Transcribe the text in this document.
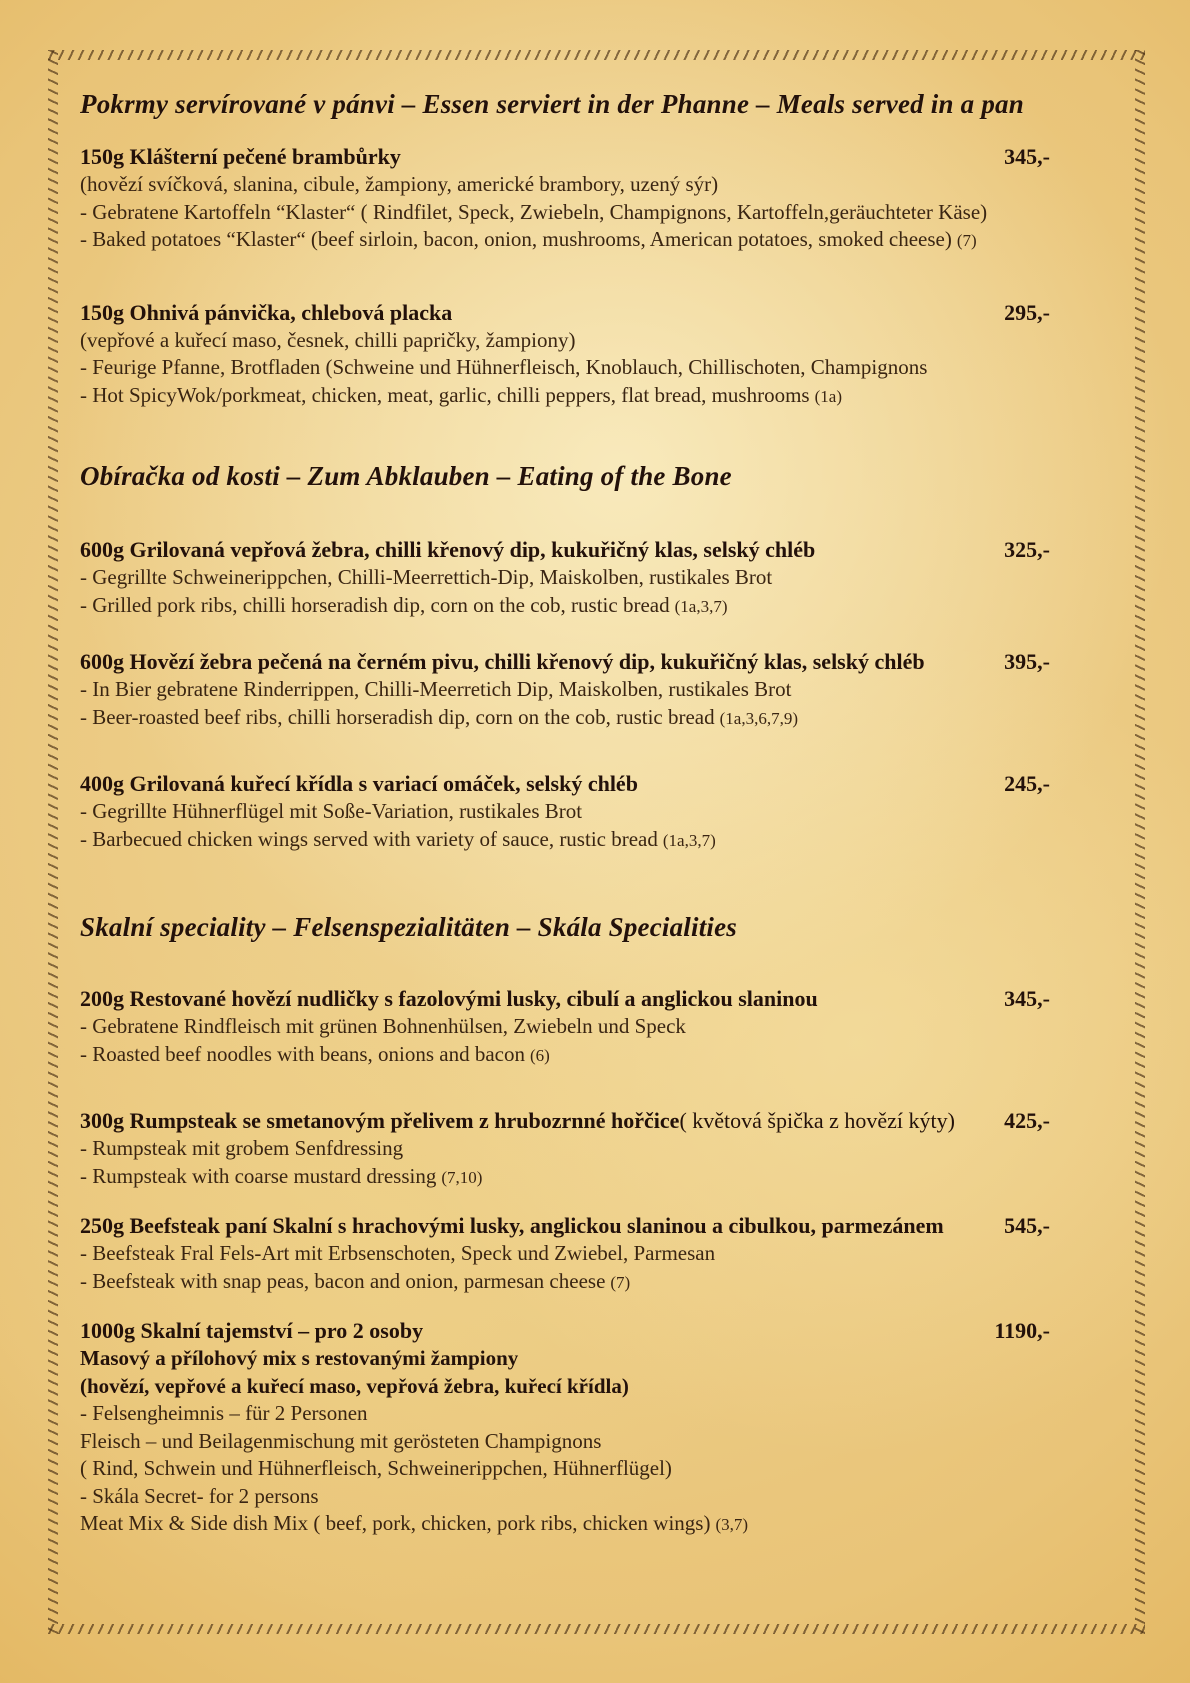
Pokrmy servírované v pánvi – Essen serviert in der Phanne – Meals served in a pan
150g Klášterní pečené brambůrky	345,-
(hovězí svíčková, slanina, cibule, žampiony, americké brambory, uzený sýr)
- Gebratene Kartoffeln “Klaster“ ( Rindfilet, Speck, Zwiebeln, Champignons, Kartoffeln,geräuchteter Käse)
- Baked potatoes “Klaster“ (beef sirloin, bacon, onion, mushrooms, American potatoes, smoked cheese) (7)
150g Ohnivá pánvička, chlebová placka	295,-
(vepřové a kuřecí maso, česnek, chilli papričky, žampiony)
- Feurige Pfanne, Brotfladen (Schweine und Hühnerfleisch, Knoblauch, Chillischoten, Champignons
- Hot SpicyWok/porkmeat, chicken, meat, garlic, chilli peppers, flat bread, mushrooms (1a)
Obíračka od kosti – Zum Abklauben – Eating of the Bone
600g Grilovaná vepřová žebra, chilli křenový dip, kukuřičný klas, selský chléb	325,-
- Gegrillte Schweinerippchen, Chilli-Meerrettich-Dip, Maiskolben, rustikales Brot
- Grilled pork ribs, chilli horseradish dip, corn on the cob, rustic bread (1a,3,7)
600g Hovězí žebra pečená na černém pivu, chilli křenový dip, kukuřičný klas, selský chléb	395,-
- In Bier gebratene Rinderrippen, Chilli-Meerretich Dip, Maiskolben, rustikales Brot
- Beer-roasted beef ribs, chilli horseradish dip, corn on the cob, rustic bread (1a,3,6,7,9)
400g Grilovaná kuřecí křídla s variací omáček, selský chléb	245,-
- Gegrillte Hühnerflügel mit Soße-Variation, rustikales Brot
- Barbecued chicken wings served with variety of sauce, rustic bread (1a,3,7)
Skalní speciality – Felsenspezialitäten – Skála Specialities
200g Restované hovězí nudličky s fazolovými lusky, cibulí a anglickou slaninou	345,-
- Gebratene Rindfleisch mit grünen Bohnenhülsen, Zwiebeln und Speck
- Roasted beef noodles with beans, onions and bacon (6)
300g Rumpsteak se smetanovým přelivem z hrubozrnné hořčice( květová špička z hovězí kýty)	425,-
- Rumpsteak mit grobem Senfdressing
- Rumpsteak with coarse mustard dressing (7,10)
250g Beefsteak paní Skalní s hrachovými lusky, anglickou slaninou a cibulkou, parmezánem	545,-
- Beefsteak Fral Fels-Art mit Erbsenschoten, Speck und Zwiebel, Parmesan
- Beefsteak with snap peas, bacon and onion, parmesan cheese (7)
1000g Skalní tajemství – pro 2 osoby	1190,-
Masový a přílohový mix s restovanými žampiony
(hovězí, vepřové a kuřecí maso, vepřová žebra, kuřecí křídla)
- Felsengheimnis – für 2 Personen
Fleisch – und Beilagenmischung mit gerösteten Champignons
( Rind, Schwein und Hühnerfleisch, Schweinerippchen, Hühnerflügel)
- Skála Secret- for 2 persons
Meat Mix & Side dish Mix ( beef, pork, chicken, pork ribs, chicken wings) (3,7)
